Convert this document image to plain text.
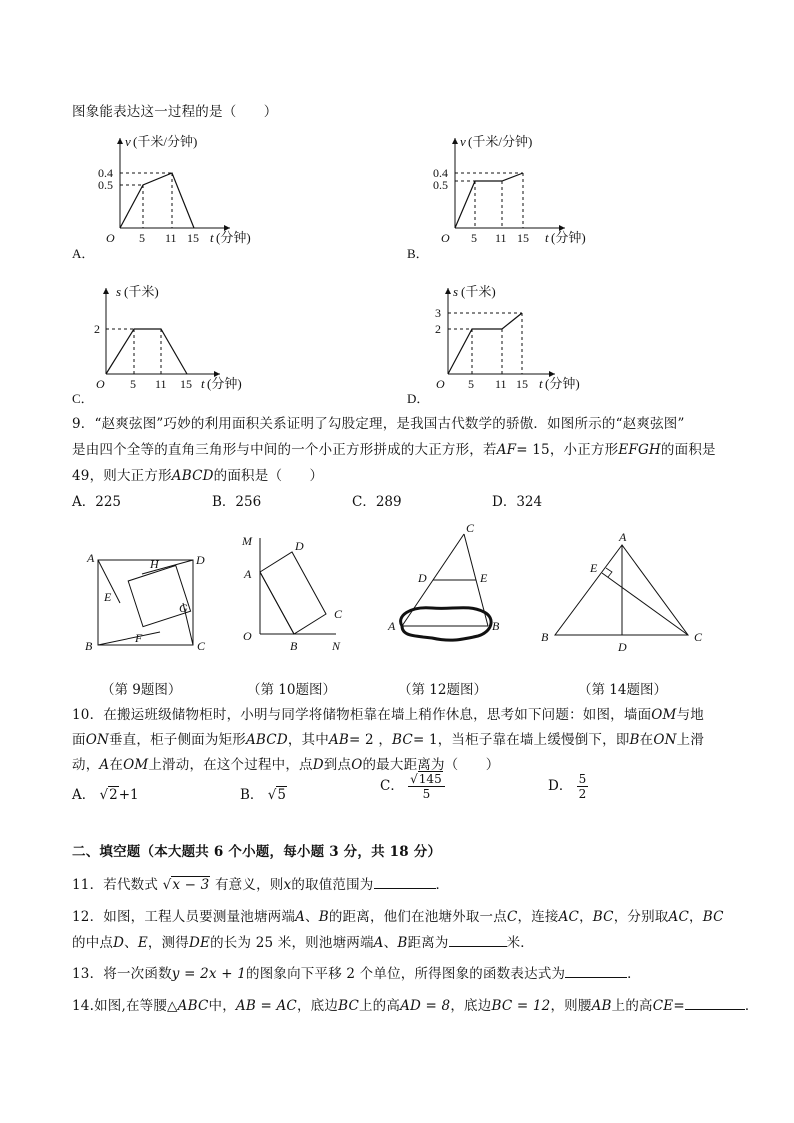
图象能表达这一过程的是（　　）
v (千米/分钟)
0.4
0.5
O 5 11 15 t (分钟)
A．
v (千米/分钟)
0.4
0.5
O 5 11 15 t (分钟)
B．
s (千米)
2
O 5 11 15 t (分钟)
C．
s (千米)
3
2
O 5 11 15 t (分钟)
D．
9．“赵爽弦图”巧妙的利用面积关系证明了勾股定理，是我国古代数学的骄傲．如图所示的“赵爽弦图”
是由四个全等的直角三角形与中间的一个小正方形拼成的大正方形，若AF= 15，小正方形EFGH的面积是
49，则大正方形ABCD的面积是（　　）
A．225	B．256	C．289	D．324
A	D
H
E
G
F
B	C
M	D
A
C
O
B	N
C
D	E
A	B
A
E
B
D
C
（第 9题图）	（第 10题图）	（第 12题图）	（第 14题图）
10．在搬运班级储物柜时，小明与同学将储物柜靠在墙上稍作休息，思考如下问题：如图，墙面OM与地
面ON垂直，柜子侧面为矩形ABCD，其中AB= 2 ，BC= 1，当柜子靠在墙上缓慢倒下，即B在ON上滑
动，A在OM上滑动，在这个过程中，点D到点O的最大距离为（　　）
A． √2+1	B． √5
C． $\frac{√145}{5}$	D． $\frac{5}{2}$
二、填空题（本大题共 6 个小题，每小题 3 分，共 18 分）
11．若代数式 √x − 3 有意义，则x的取值范围为	．
12．如图，工程人员要测量池塘两端A、B的距离，他们在池塘外取一点C，连接AC，BC，分别取AC，BC
的中点D、E，测得DE的长为 25 米，则池塘两端A、B距离为	米．
13．将一次函数y = 2x + 1的图象向下平移 2 个单位，所得图象的函数表达式为	．
14.如图,在等腰△ABC中，AB = AC，底边BC上的高AD = 8，底边BC = 12，则腰AB上的高CE=	．
